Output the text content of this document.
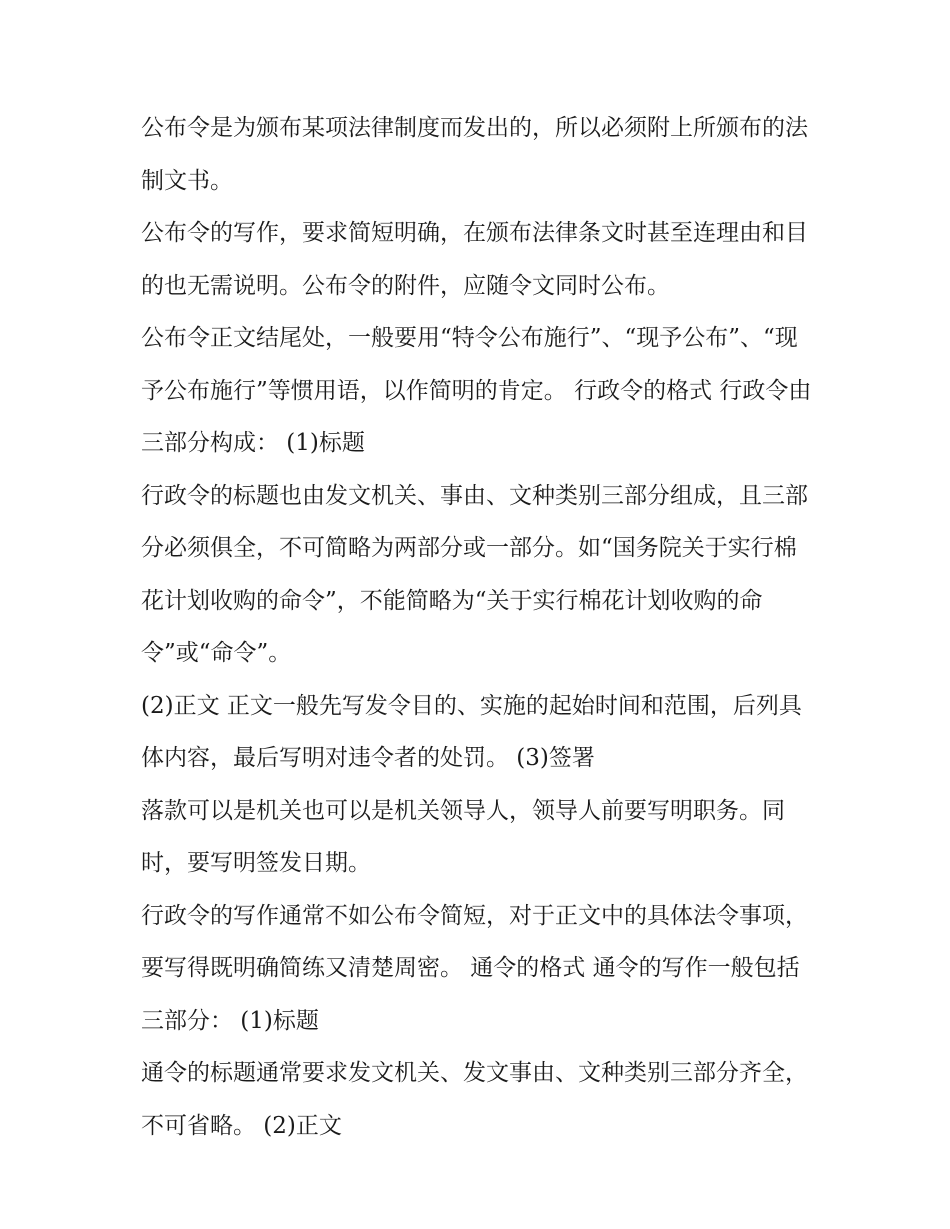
公布令是为颁布某项法律制度而发出的，所以必须附上所颁布的法制文书。

公布令的写作，要求简短明确，在颁布法律条文时甚至连理由和目的也无需说明。公布令的附件，应随令文同时公布。

公布令正文结尾处，一般要用“特令公布施行”、“现予公布”、“现予公布施行”等惯用语，以作简明的肯定。 行政令的格式 行政令由三部分构成： (1)标题

行政令的标题也由发文机关、事由、文种类别三部分组成，且三部分必须俱全，不可简略为两部分或一部分。如“国务院关于实行棉花计划收购的命令”，不能简略为“关于实行棉花计划收购的命令”或“命令”。

(2)正文 正文一般先写发令目的、实施的起始时间和范围，后列具体内容，最后写明对违令者的处罚。 (3)签署

落款可以是机关也可以是机关领导人，领导人前要写明职务。同时，要写明签发日期。

行政令的写作通常不如公布令简短，对于正文中的具体法令事项，要写得既明确简练又清楚周密。 通令的格式 通令的写作一般包括三部分： (1)标题

通令的标题通常要求发文机关、发文事由、文种类别三部分齐全，不可省略。 (2)正文
